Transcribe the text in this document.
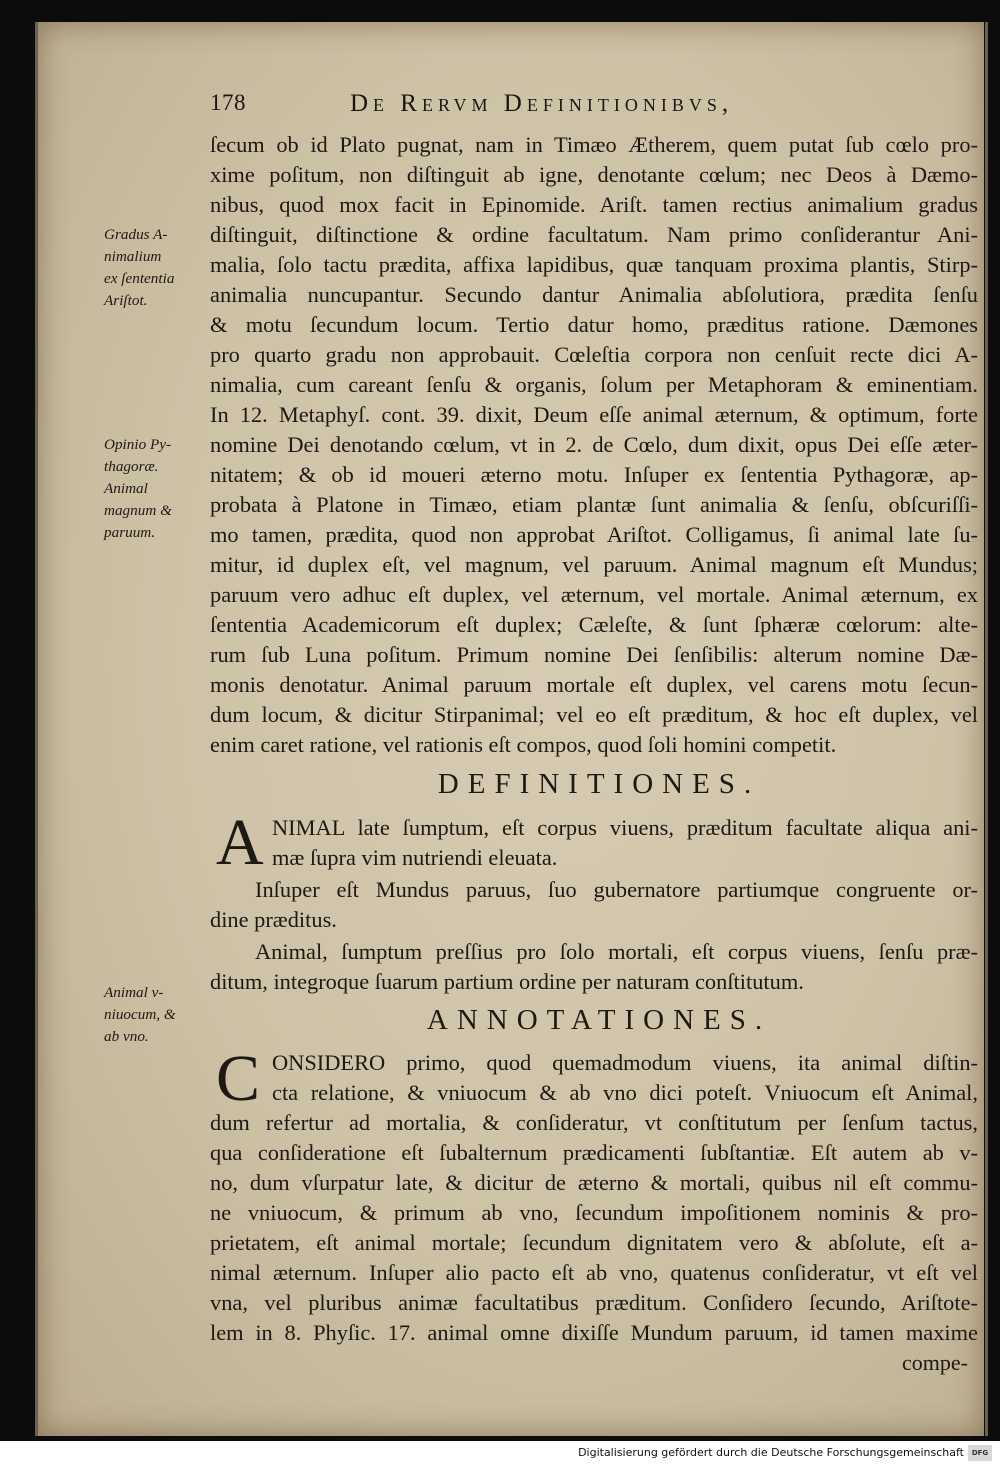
178	De Rervm Definitionibvs,
ſecum ob id Plato pugnat, nam in Timæo Ætherem, quem putat ſub cœlo pro-
xime poſitum, non diſtinguit ab igne, denotante cœlum; nec Deos à Dæmo-
nibus, quod mox facit in Epinomide. Ariſt. tamen rectius animalium gradus
diſtinguit, diſtinctione & ordine facultatum. Nam primo conſiderantur Ani-
malia, ſolo tactu prædita, affixa lapidibus, quæ tanquam proxima plantis, Stirp-
animalia nuncupantur. Secundo dantur Animalia abſolutiora, prædita ſenſu
& motu ſecundum locum. Tertio datur homo, præditus ratione. Dæmones
pro quarto gradu non approbauit. Cœleſtia corpora non cenſuit recte dici A-
nimalia, cum careant ſenſu & organis, ſolum per Metaphoram & eminentiam.
In 12. Metaphyſ. cont. 39. dixit, Deum eſſe animal æternum, & optimum, forte
nomine Dei denotando cœlum, vt in 2. de Cœlo, dum dixit, opus Dei eſſe æter-
nitatem; & ob id moueri æterno motu. Inſuper ex ſententia Pythagoræ, ap-
probata à Platone in Timæo, etiam plantæ ſunt animalia & ſenſu, obſcuriſſi-
mo tamen, prædita, quod non approbat Ariſtot. Colligamus, ſi animal late ſu-
mitur, id duplex eſt, vel magnum, vel paruum. Animal magnum eſt Mundus;
paruum vero adhuc eſt duplex, vel æternum, vel mortale. Animal æternum, ex
ſententia Academicorum eſt duplex; Cæleſte, & ſunt ſphæræ cœlorum: alte-
rum ſub Luna poſitum. Primum nomine Dei ſenſibilis: alterum nomine Dæ-
monis denotatur. Animal paruum mortale eſt duplex, vel carens motu ſecun-
dum locum, & dicitur Stirpanimal; vel eo eſt præditum, & hoc eſt duplex, vel
enim caret ratione, vel rationis eſt compos, quod ſoli homini competit.
DEFINITIONES.
A NIMAL late ſumptum, eſt corpus viuens, præditum facultate aliqua ani-
mæ ſupra vim nutriendi eleuata.
Inſuper eſt Mundus paruus, ſuo gubernatore partiumque congruente or-
dine præditus.
Animal, ſumptum preſſius pro ſolo mortali, eſt corpus viuens, ſenſu præ-
ditum, integroque ſuarum partium ordine per naturam conſtitutum.
ANNOTATIONES.
C ONSIDERO primo, quod quemadmodum viuens, ita animal diſtin-
cta relatione, & vniuocum & ab vno dici poteſt. Vniuocum eſt Animal,
dum refertur ad mortalia, & conſideratur, vt conſtitutum per ſenſum tactus,
qua conſideratione eſt ſubalternum prædicamenti ſubſtantiæ. Eſt autem ab v-
no, dum vſurpatur late, & dicitur de æterno & mortali, quibus nil eſt commu-
ne vniuocum, & primum ab vno, ſecundum impoſitionem nominis & pro-
prietatem, eſt animal mortale; ſecundum dignitatem vero & abſolute, eſt a-
nimal æternum. Inſuper alio pacto eſt ab vno, quatenus conſideratur, vt eſt vel
vna, vel pluribus animæ facultatibus præditum. Conſidero ſecundo, Ariſtote-
lem in 8. Phyſic. 17. animal omne dixiſſe Mundum paruum, id tamen maxime
compe-
Gradus A-
nimalium
ex ſententia
Ariſtot.
Opinio Py-
thagoræ.
Animal
magnum &
paruum.
Animal v-
niuocum, &
ab vno.
Digitalisierung gefördert durch die Deutsche Forschungsgemeinschaft	DFG
